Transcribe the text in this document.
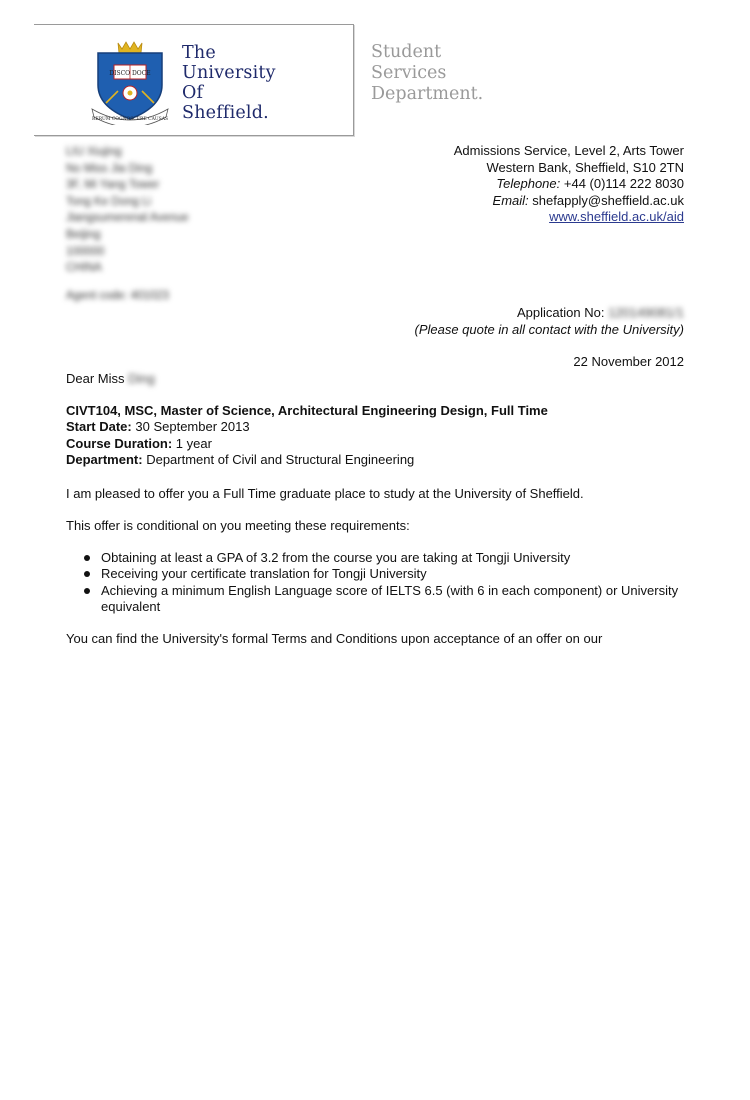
DISCO DOCE
RERUM COGNOSCERE CAUSAS
The
University
Of
Sheffield.
Student
Services
Department.
LIU Xiujing
No Miss Jia Ding
3F, Mi Yang Tower
Tong Ke Dong Li
Jiangsumerenal Avenue
Beijing
100000
CHINA
Agent code: 401023
Admissions Service, Level 2, Arts Tower
Western Bank, Sheffield, S10 2TN
Telephone: +44 (0)114 222 8030
Email: shefapply@sheffield.ac.uk
www.sheffield.ac.uk/aid
Application No: 120149081/1
(Please quote in all contact with the University)
22 November 2012
Dear Miss Ding
CIVT104, MSC, Master of Science, Architectural Engineering Design, Full Time
Start Date: 30 September 2013
Course Duration: 1 year
Department: Department of Civil and Structural Engineering
I am pleased to offer you a Full Time graduate place to study at the University of Sheffield.
This offer is conditional on you meeting these requirements:
Obtaining at least a GPA of 3.2 from the course you are taking at Tongji University
Receiving your certificate translation for Tongji University
Achieving a minimum English Language score of IELTS 6.5 (with 6 in each component) or University equivalent
You can find the University's formal Terms and Conditions upon acceptance of an offer on our
